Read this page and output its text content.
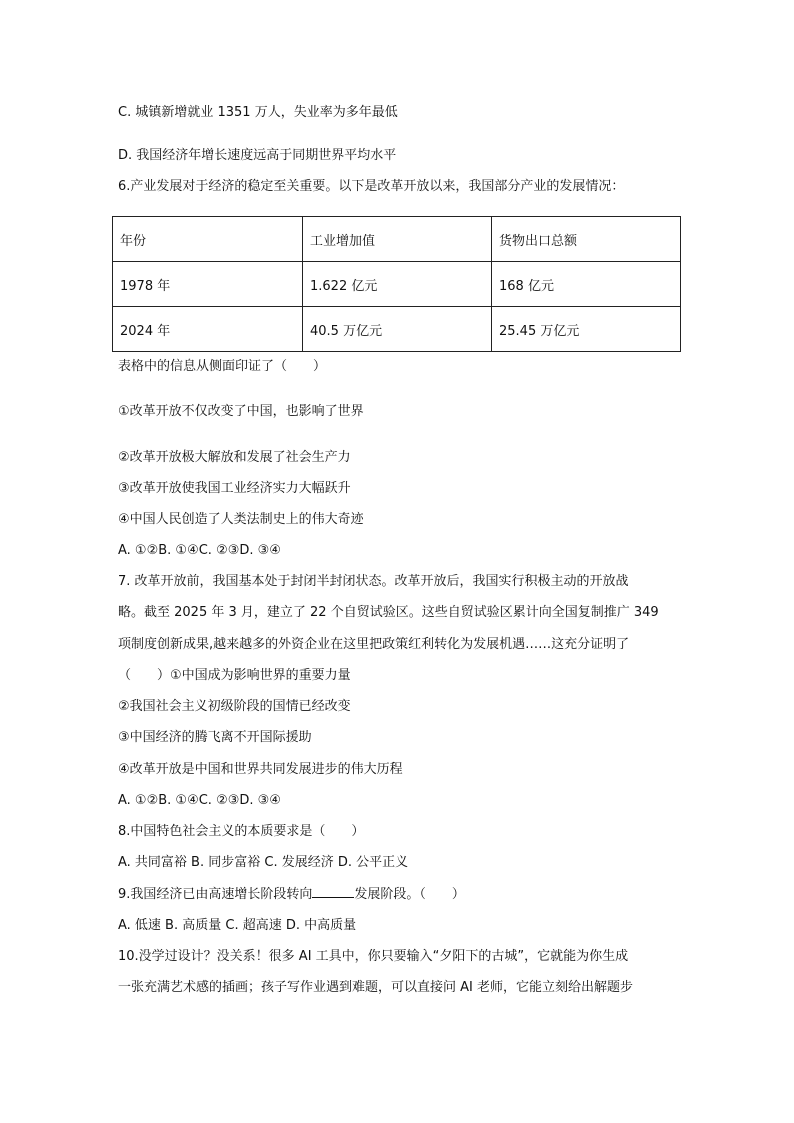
C. 城镇新增就业 1351 万人，失业率为多年最低
D. 我国经济年增长速度远高于同期世界平均水平
6.产业发展对于经济的稳定至关重要。以下是改革开放以来，我国部分产业的发展情况：
年份	工业增加值	货物出口总额
1978 年	1.622 亿元	168 亿元
2024 年	40.5 万亿元	25.45 万亿元
表格中的信息从侧面印证了（　　）
①改革开放不仅改变了中国，也影响了世界
②改革开放极大解放和发展了社会生产力
③改革开放使我国工业经济实力大幅跃升
④中国人民创造了人类法制史上的伟大奇迹
A. ①②B. ①④C. ②③D. ③④
7. 改革开放前，我国基本处于封闭半封闭状态。改革开放后，我国实行积极主动的开放战
略。截至 2025 年 3 月，建立了 22 个自贸试验区。这些自贸试验区累计向全国复制推广 349
项制度创新成果,越来越多的外资企业在这里把政策红利转化为发展机遇……这充分证明了
（　　）①中国成为影响世界的重要力量
②我国社会主义初级阶段的国情已经改变
③中国经济的腾飞离不开国际援助
④改革开放是中国和世界共同发展进步的伟大历程
A. ①②B. ①④C. ②③D. ③④
8.中国特色社会主义的本质要求是（　　）
A. 共同富裕 B. 同步富裕 C. 发展经济 D. 公平正义
9.我国经济已由高速增长阶段转向	发展阶段。（　　）
A. 低速 B. 高质量 C. 超高速 D. 中高质量
10.没学过设计？没关系！很多 AI 工具中，你只要输入“夕阳下的古城”，它就能为你生成
一张充满艺术感的插画；孩子写作业遇到难题，可以直接问 AI 老师，它能立刻给出解题步
